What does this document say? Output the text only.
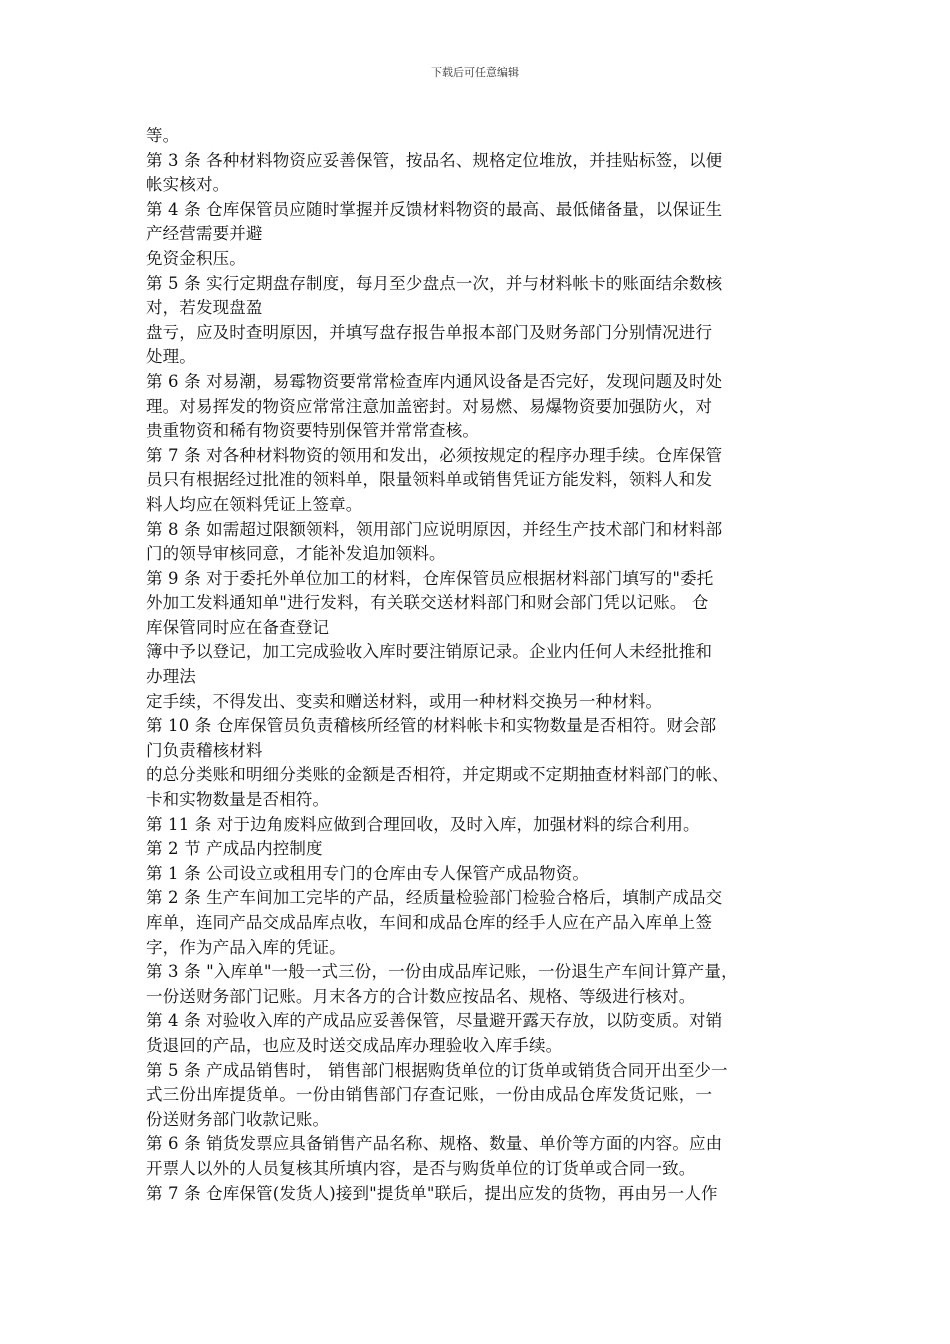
下载后可任意编辑
等。
第 3 条 各种材料物资应妥善保管，按品名、规格定位堆放，并挂贴标签，以便
帐实核对。
第 4 条 仓库保管员应随时掌握并反馈材料物资的最高、最低储备量，以保证生
产经营需要并避
免资金积压。
第 5 条 实行定期盘存制度，每月至少盘点一次，并与材料帐卡的账面结余数核
对，若发现盘盈
盘亏，应及时查明原因，并填写盘存报告单报本部门及财务部门分别情况进行
处理。
第 6 条 对易潮，易霉物资要常常检查库内通风设备是否完好，发现问题及时处
理。对易挥发的物资应常常注意加盖密封。对易燃、易爆物资要加强防火，对
贵重物资和稀有物资要特别保管并常常查核。
第 7 条 对各种材料物资的领用和发出，必须按规定的程序办理手续。仓库保管
员只有根据经过批准的领料单，限量领料单或销售凭证方能发料，领料人和发
料人均应在领料凭证上签章。
第 8 条 如需超过限额领料，领用部门应说明原因，并经生产技术部门和材料部
门的领导审核同意，才能补发追加领料。
第 9 条 对于委托外单位加工的材料，仓库保管员应根据材料部门填写的"委托
外加工发料通知单"进行发料，有关联交送材料部门和财会部门凭以记账。 仓
库保管同时应在备查登记
簿中予以登记，加工完成验收入库时要注销原记录。企业内任何人未经批推和
办理法
定手续，不得发出、变卖和赠送材料，或用一种材料交换另一种材料。
第 10 条 仓库保管员负责稽核所经管的材料帐卡和实物数量是否相符。财会部
门负责稽核材料
的总分类账和明细分类账的金额是否相符，并定期或不定期抽查材料部门的帐、
卡和实物数量是否相符。
第 11 条 对于边角废料应做到合理回收，及时入库，加强材料的综合利用。
第 2 节 产成品内控制度
第 1 条 公司设立或租用专门的仓库由专人保管产成品物资。
第 2 条 生产车间加工完毕的产品，经质量检验部门检验合格后，填制产成品交
库单，连同产品交成品库点收，车间和成品仓库的经手人应在产品入库单上签
字，作为产品入库的凭证。
第 3 条 "入库单"一般一式三份，一份由成品库记账，一份退生产车间计算产量，
一份送财务部门记账。月末各方的合计数应按品名、规格、等级进行核对。
第 4 条 对验收入库的产成品应妥善保管，尽量避开露天存放，以防变质。对销
货退回的产品，也应及时送交成品库办理验收入库手续。
第 5 条 产成品销售时， 销售部门根据购货单位的订货单或销货合同开出至少一
式三份出库提货单。一份由销售部门存查记账，一份由成品仓库发货记账，一
份送财务部门收款记账。
第 6 条 销货发票应具备销售产品名称、规格、数量、单价等方面的内容。应由
开票人以外的人员复核其所填内容，是否与购货单位的订货单或合同一致。
第 7 条 仓库保管(发货人)接到"提货单"联后，提出应发的货物，再由另一人作
